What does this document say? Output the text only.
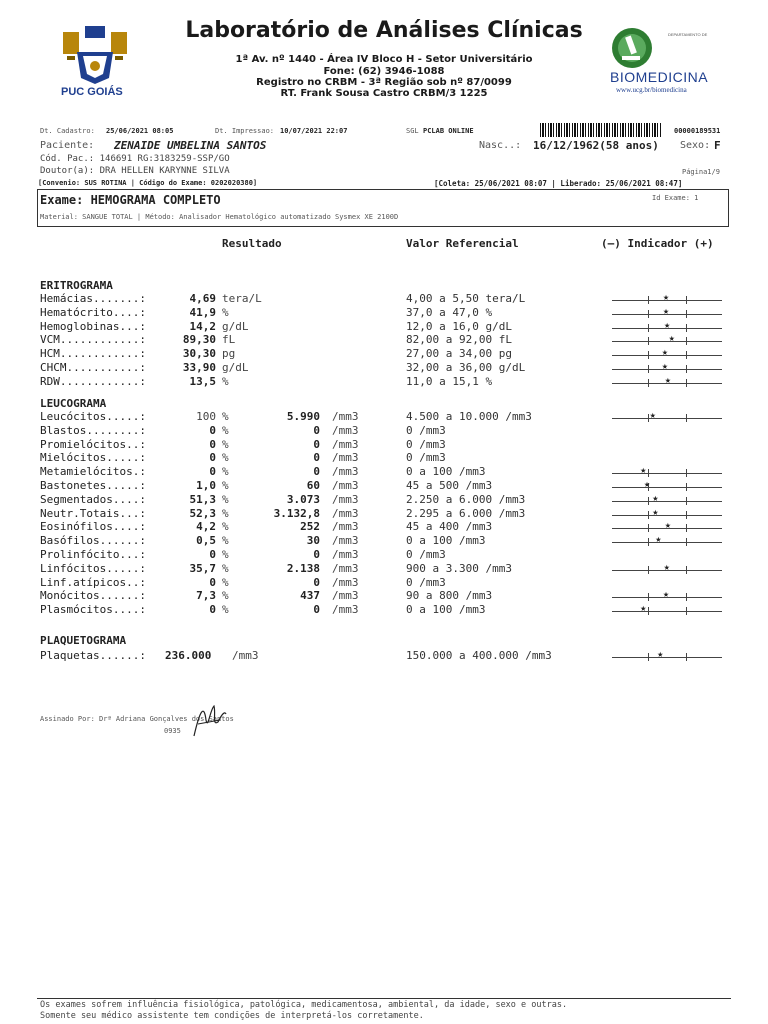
PUC GOIÁS
Laboratório de Análises Clínicas
1ª Av. nº 1440 - Área IV Bloco H - Setor Universitário
Fone: (62) 3946-1088
Registro no CRBM - 3ª Região sob nº 87/0099
RT. Frank Sousa Castro CRBM/3 1225
DEPARTAMENTO DE
BIOMEDICINA
www.ucg.br/biomedicina
Dt. Cadastro: 25/06/2021 08:05	Dt. Impressao: 10/07/2021 22:07	SGL PCLAB ONLINE	00000189531
Paciente: ZENAIDE UMBELINA SANTOS	Nasc..: 16/12/1962(58 anos) Sexo: F
Cód. Pac.: 146691 RG:3183259-SSP/GO
Doutor(a): DRA HELLEN KARYNNE SILVA	Página1/9
[Convenio: SUS ROTINA | Código do Exame: 0202020380]	[Coleta: 25/06/2021 08:07 | Liberado: 25/06/2021 08:47]
Exame: HEMOGRAMA COMPLETO	Id Exame: 1
Material: SANGUE TOTAL | Método: Analisador Hematológico automatizado Sysmex XE 2100D
Resultado	Valor Referencial	(–) Indicador (+)
ERITROGRAMA
Hemácias.......:	4,69 tera/L	4,00 a 5,50 tera/L	★
Hematócrito....:	41,9 %	37,0 a 47,0 %	★
Hemoglobinas...:	14,2 g/dL	12,0 a 16,0 g/dL	★
VCM............:	89,30 fL	82,00 a 92,00 fL	★
HCM............:	30,30 pg	27,00 a 34,00 pg	★
CHCM...........:	33,90 g/dL	32,00 a 36,00 g/dL	★
RDW............:	13,5 %	11,0 a 15,1 %	★
LEUCOGRAMA
Leucócitos.....:	100 %	5.990 /mm3	4.500 a 10.000 /mm3	★
Blastos........:	0 %	0 /mm3	0 /mm3
Promielócitos..:	0 %	0 /mm3	0 /mm3
Mielócitos.....:	0 %	0 /mm3	0 /mm3
Metamielócitos.:	0 %	0 /mm3	0 a 100 /mm3	★
Bastonetes.....:	1,0 %	60 /mm3	45 a 500 /mm3	★
Segmentados....:	51,3 %	3.073 /mm3	2.250 a 6.000 /mm3	★
Neutr.Totais...:	52,3 %	3.132,8 /mm3	2.295 a 6.000 /mm3	★
Eosinófilos....:	4,2 %	252 /mm3	45 a 400 /mm3	★
Basófilos......:	0,5 %	30 /mm3	0 a 100 /mm3	★
Prolinfócito...:	0 %	0 /mm3	0 /mm3
Linfócitos.....:	35,7 %	2.138 /mm3	900 a 3.300 /mm3	★
Linf.atípicos..:	0 %	0 /mm3	0 /mm3
Monócitos......:	7,3 %	437 /mm3	90 a 800 /mm3	★
Plasmócitos....:	0 %	0 /mm3	0 a 100 /mm3	★
PLAQUETOGRAMA
Plaquetas......: 236.000 /mm3	150.000 a 400.000 /mm3	★
Assinado Por: Drª Adriana Gonçalves dos Santos
0935
Os exames sofrem influência fisiológica, patológica, medicamentosa, ambiental, da idade, sexo e outras.
Somente seu médico assistente tem condições de interpretá-los corretamente.
